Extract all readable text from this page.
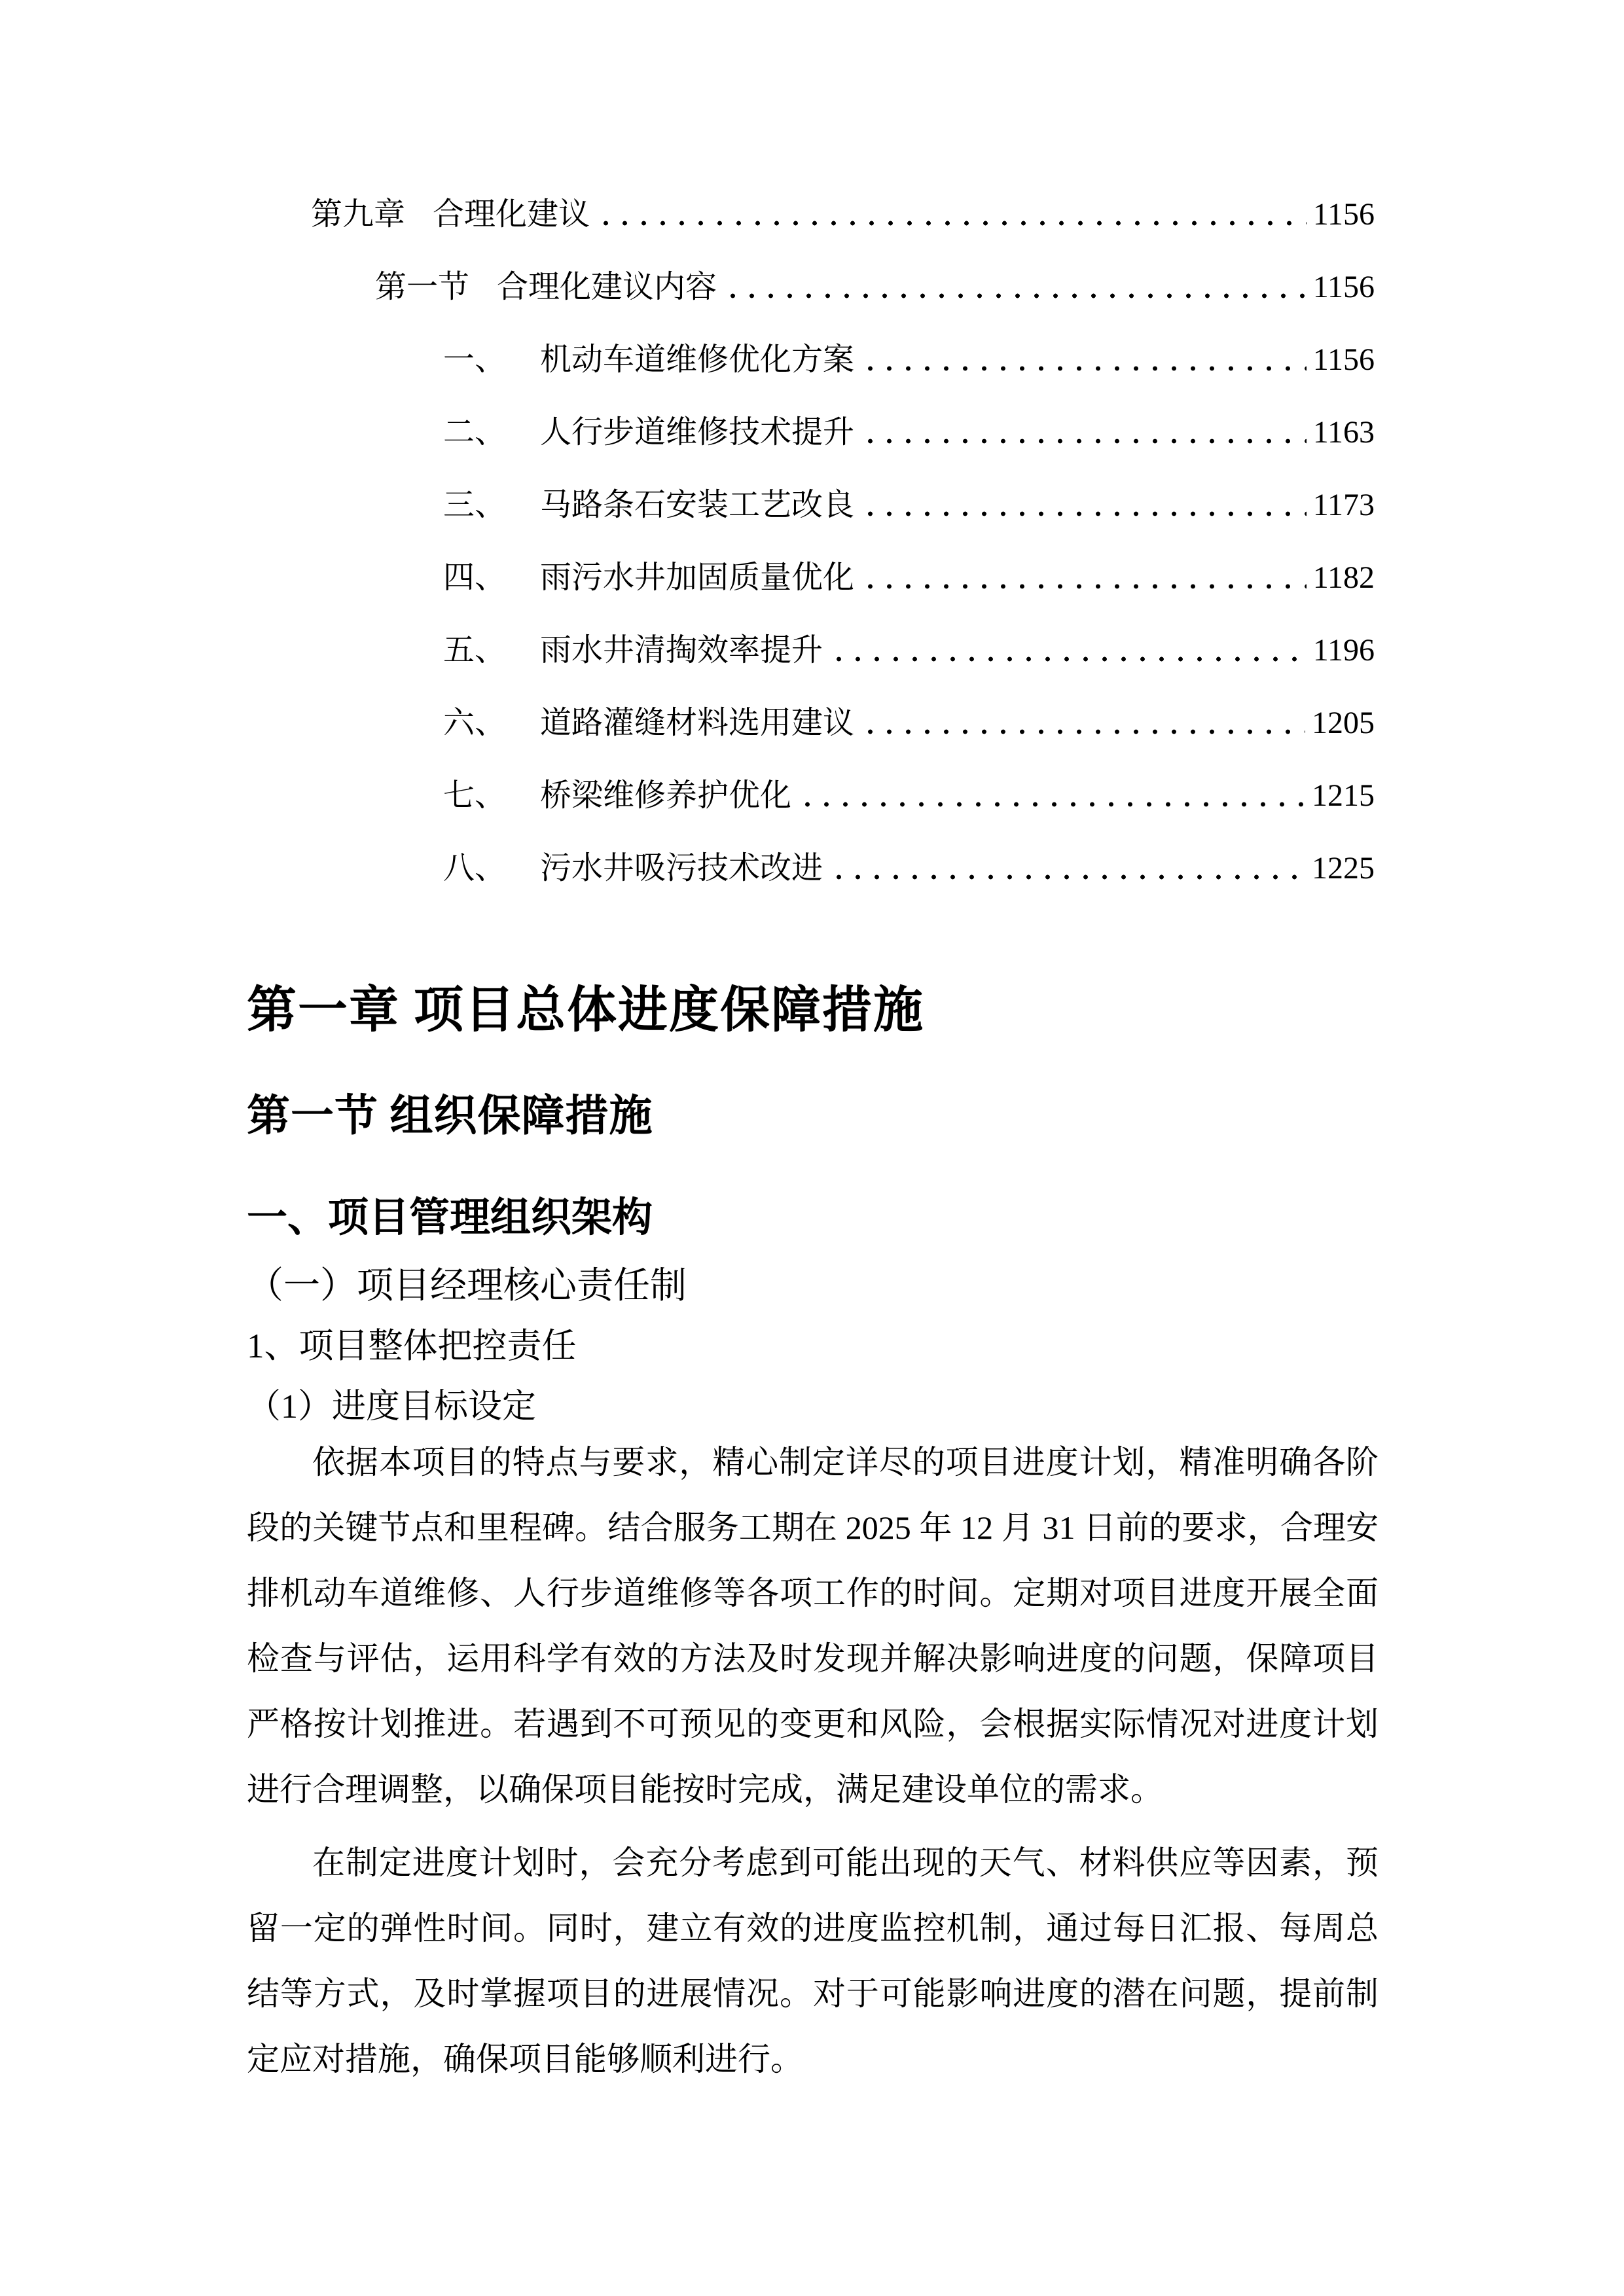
第九章 合理化建议	1156
第一节 合理化建议内容	1156
一、 机动车道维修优化方案	1156
二、 人行步道维修技术提升	1163
三、 马路条石安装工艺改良	1173
四、 雨污水井加固质量优化	1182
五、 雨水井清掏效率提升	1196
六、 道路灌缝材料选用建议	1205
七、 桥梁维修养护优化	1215
八、 污水井吸污技术改进	1225
第一章 项目总体进度保障措施
第一节 组织保障措施
一、项目管理组织架构
（一）项目经理核心责任制
1、项目整体把控责任
（1）进度目标设定

依据本项目的特点与要求，精心制定详尽的项目进度计划，精准明确各阶段的关键节点和里程碑。结合服务工期在 2025 年 12 月 31 日前的要求，合理安排机动车道维修、人行步道维修等各项工作的时间。定期对项目进度开展全面检查与评估，运用科学有效的方法及时发现并解决影响进度的问题，保障项目严格按计划推进。若遇到不可预见的变更和风险，会根据实际情况对进度计划进行合理调整，以确保项目能按时完成，满足建设单位的需求。

在制定进度计划时，会充分考虑到可能出现的天气、材料供应等因素，预留一定的弹性时间。同时，建立有效的进度监控机制，通过每日汇报、每周总结等方式，及时掌握项目的进展情况。对于可能影响进度的潜在问题，提前制定应对措施，确保项目能够顺利进行。
